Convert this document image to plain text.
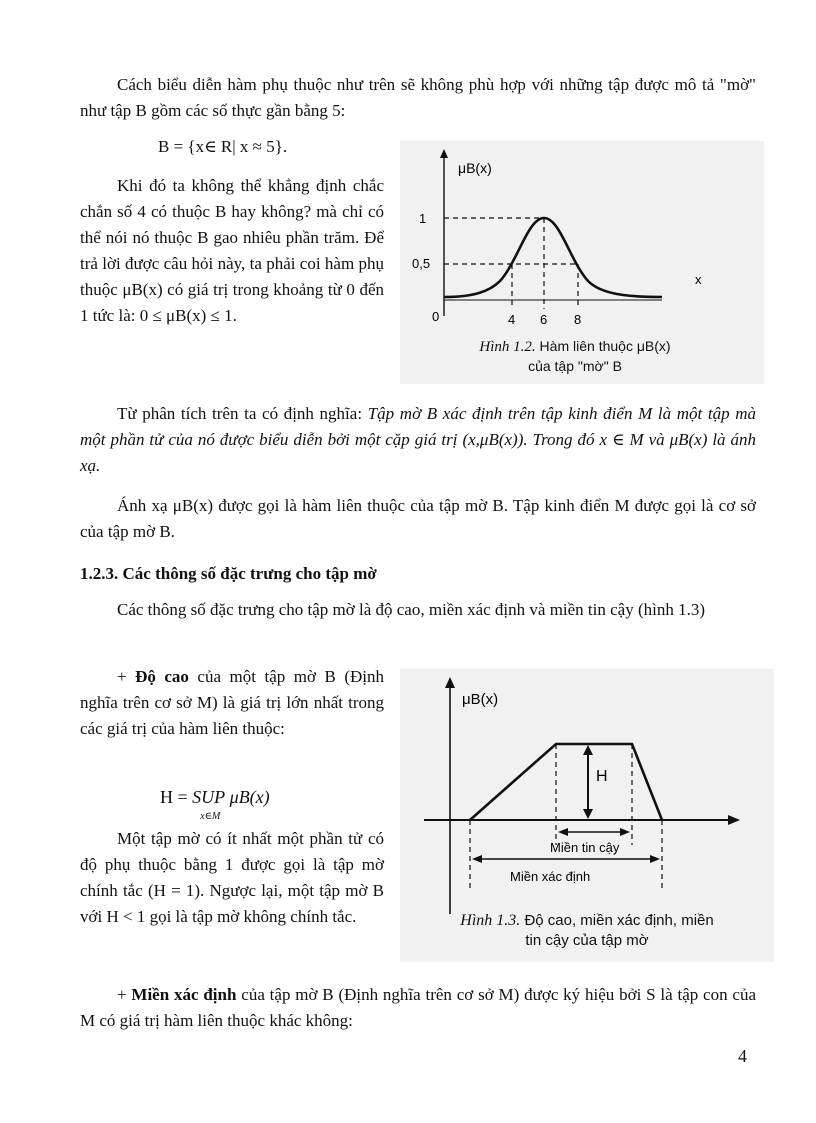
Cách biểu diễn hàm phụ thuộc như trên sẽ không phù hợp với những tập được mô tả "mờ" như tập B gồm các số thực gần bằng 5:

B = {x∈ R| x ≈ 5}.

Khi đó ta không thể khẳng định chắc chắn số 4 có thuộc B hay không? mà chỉ có thể nói nó thuộc B gao nhiêu phần trăm. Để trả lời được câu hỏi này, ta phải coi hàm phụ thuộc μB(x) có giá trị trong khoảng từ 0 đến 1 tức là: 0 ≤ μB(x) ≤ 1.

μB(x)
x
1
0,5
0	4 6 8
Hình 1.2. Hàm liên thuộc μB(x)
của tập "mờ" B

Từ phân tích trên ta có định nghĩa: Tập mờ B xác định trên tập kinh điển M là một tập mà một phần tử của nó được biểu diễn bởi một cặp giá trị (x,μB(x)). Trong đó x ∈ M và μB(x) là ánh xạ.

Ánh xạ μB(x) được gọi là hàm liên thuộc của tập mờ B. Tập kinh điển M được gọi là cơ sở của tập mờ B.

1.2.3. Các thông số đặc trưng cho tập mờ

Các thông số đặc trưng cho tập mờ là độ cao, miền xác định và miền tin cậy (hình 1.3)

+ Độ cao của một tập mờ B (Định nghĩa trên cơ sở M) là giá trị lớn nhất trong các giá trị của hàm liên thuộc:

H = SUP
x∈M
μB(x)

Một tập mờ có ít nhất một phần tử có độ phụ thuộc bằng 1 được gọi là tập mờ chính tắc (H = 1). Ngược lại, một tập mờ B với H < 1 gọi là tập mờ không chính tắc.

μB(x)
H
Miền tin cậy
Miền xác định
Hình 1.3. Độ cao, miền xác định, miền
tin cậy của tập mờ

+ Miền xác định của tập mờ B (Định nghĩa trên cơ sở M) được ký hiệu bởi S là tập con của M có giá trị hàm liên thuộc khác không:

4
